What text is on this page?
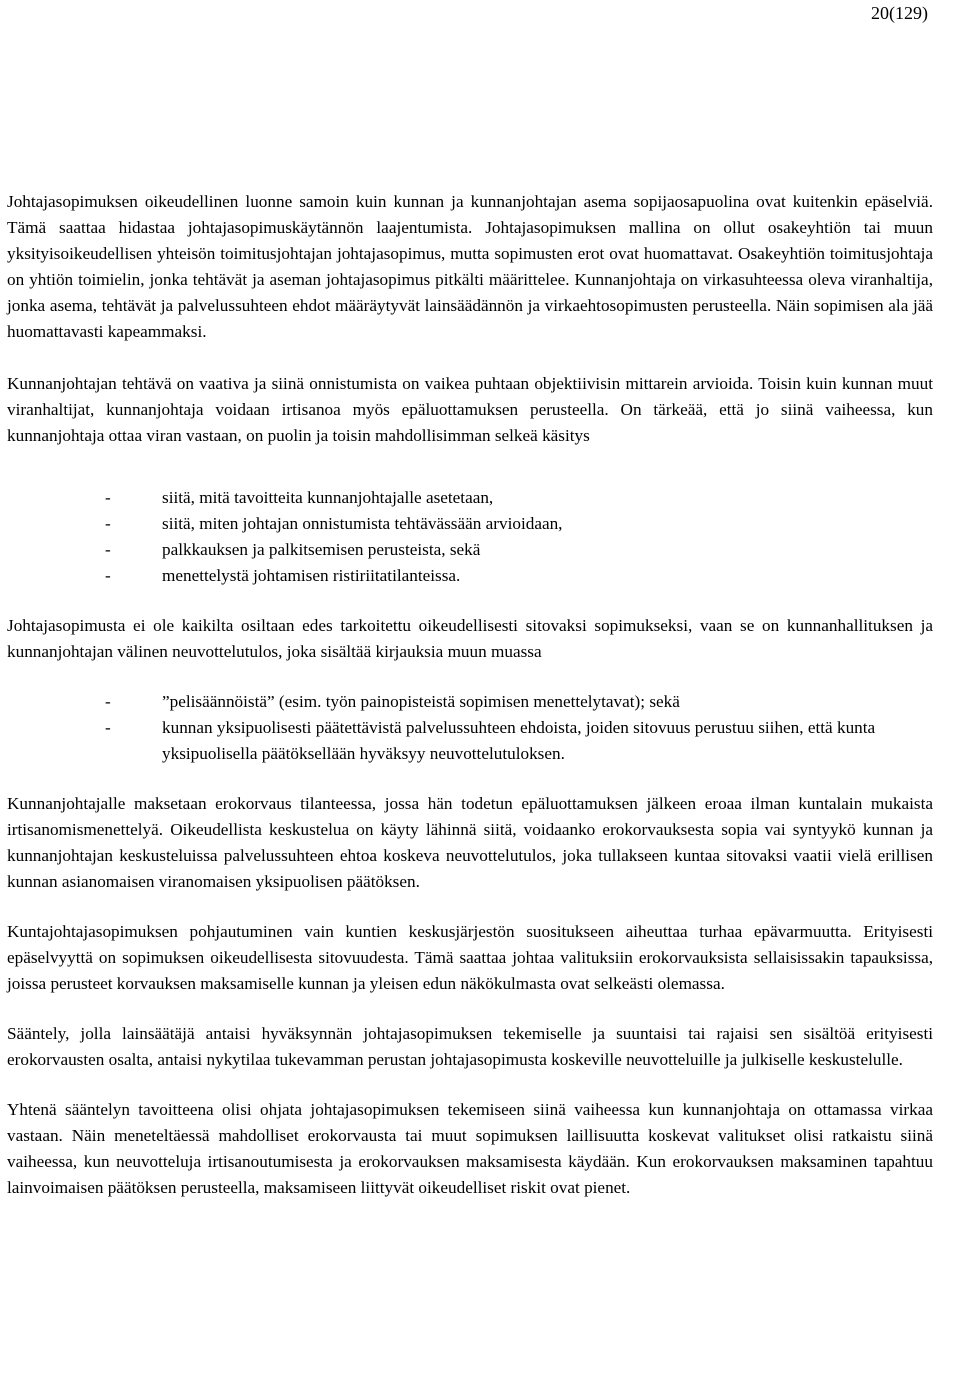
20(129)

Johtajasopimuksen oikeudellinen luonne samoin kuin kunnan ja kunnanjohtajan asema sopijaosapuolina ovat kuitenkin epäselviä. Tämä saattaa hidastaa johtajasopimuskäytännön laajentumista. Johtajasopimuksen mallina on ollut osakeyhtiön tai muun yksityisoikeudellisen yhteisön toimitusjohtajan johtajasopimus, mutta sopimusten erot ovat huomattavat. Osakeyhtiön toimitusjohtaja on yhtiön toimielin, jonka tehtävät ja aseman johtajasopimus pitkälti määrittelee. Kunnanjohtaja on virkasuhteessa oleva viranhaltija, jonka asema, tehtävät ja palvelussuhteen ehdot määräytyvät lainsäädännön ja virkaehtosopimusten perusteella. Näin sopimisen ala jää huomattavasti kapeammaksi.

Kunnanjohtajan tehtävä on vaativa ja siinä onnistumista on vaikea puhtaan objektiivisin mittarein arvioida. Toisin kuin kunnan muut viranhaltijat, kunnanjohtaja voidaan irtisanoa myös epäluottamuksen perusteella. On tärkeää, että jo siinä vaiheessa, kun kunnanjohtaja ottaa viran vastaan, on puolin ja toisin mahdollisimman selkeä käsitys

-	siitä, mitä tavoitteita kunnanjohtajalle asetetaan,
-	siitä, miten johtajan onnistumista tehtävässään arvioidaan,
-	palkkauksen ja palkitsemisen perusteista, sekä
-	menettelystä johtamisen ristiriitatilanteissa.

Johtajasopimusta ei ole kaikilta osiltaan edes tarkoitettu oikeudellisesti sitovaksi sopimukseksi, vaan se on kunnanhallituksen ja kunnanjohtajan välinen neuvottelutulos, joka sisältää kirjauksia muun muassa

-	”pelisäännöistä” (esim. työn painopisteistä sopimisen menettelytavat); sekä
-	kunnan yksipuolisesti päätettävistä palvelussuhteen ehdoista, joiden sitovuus perustuu siihen, että kunta yksipuolisella päätöksellään hyväksyy neuvottelutuloksen.

Kunnanjohtajalle maksetaan erokorvaus tilanteessa, jossa hän todetun epäluottamuksen jälkeen eroaa ilman kuntalain mukaista irtisanomismenettelyä. Oikeudellista keskustelua on käyty lähinnä siitä, voidaanko erokorvauksesta sopia vai syntyykö kunnan ja kunnanjohtajan keskusteluissa palvelussuhteen ehtoa koskeva neuvottelutulos, joka tullakseen kuntaa sitovaksi vaatii vielä erillisen kunnan asianomaisen viranomaisen yksipuolisen päätöksen.

Kuntajohtajasopimuksen pohjautuminen vain kuntien keskusjärjestön suositukseen aiheuttaa turhaa epävarmuutta. Erityisesti epäselvyyttä on sopimuksen oikeudellisesta sitovuudesta. Tämä saattaa johtaa valituksiin erokorvauksista sellaisissakin tapauksissa, joissa perusteet korvauksen maksamiselle kunnan ja yleisen edun näkökulmasta ovat selkeästi olemassa.

Sääntely, jolla lainsäätäjä antaisi hyväksynnän johtajasopimuksen tekemiselle ja suuntaisi tai rajaisi sen sisältöä erityisesti erokorvausten osalta, antaisi nykytilaa tukevamman perustan johtajasopimusta koskeville neuvotteluille ja julkiselle keskustelulle.

Yhtenä sääntelyn tavoitteena olisi ohjata johtajasopimuksen tekemiseen siinä vaiheessa kun kunnanjohtaja on ottamassa virkaa vastaan. Näin meneteltäessä mahdolliset erokorvausta tai muut sopimuksen laillisuutta koskevat valitukset olisi ratkaistu siinä vaiheessa, kun neuvotteluja irtisanoutumisesta ja erokorvauksen maksamisesta käydään. Kun erokorvauksen maksaminen tapahtuu lainvoimaisen päätöksen perusteella, maksamiseen liittyvät oikeudelliset riskit ovat pienet.
